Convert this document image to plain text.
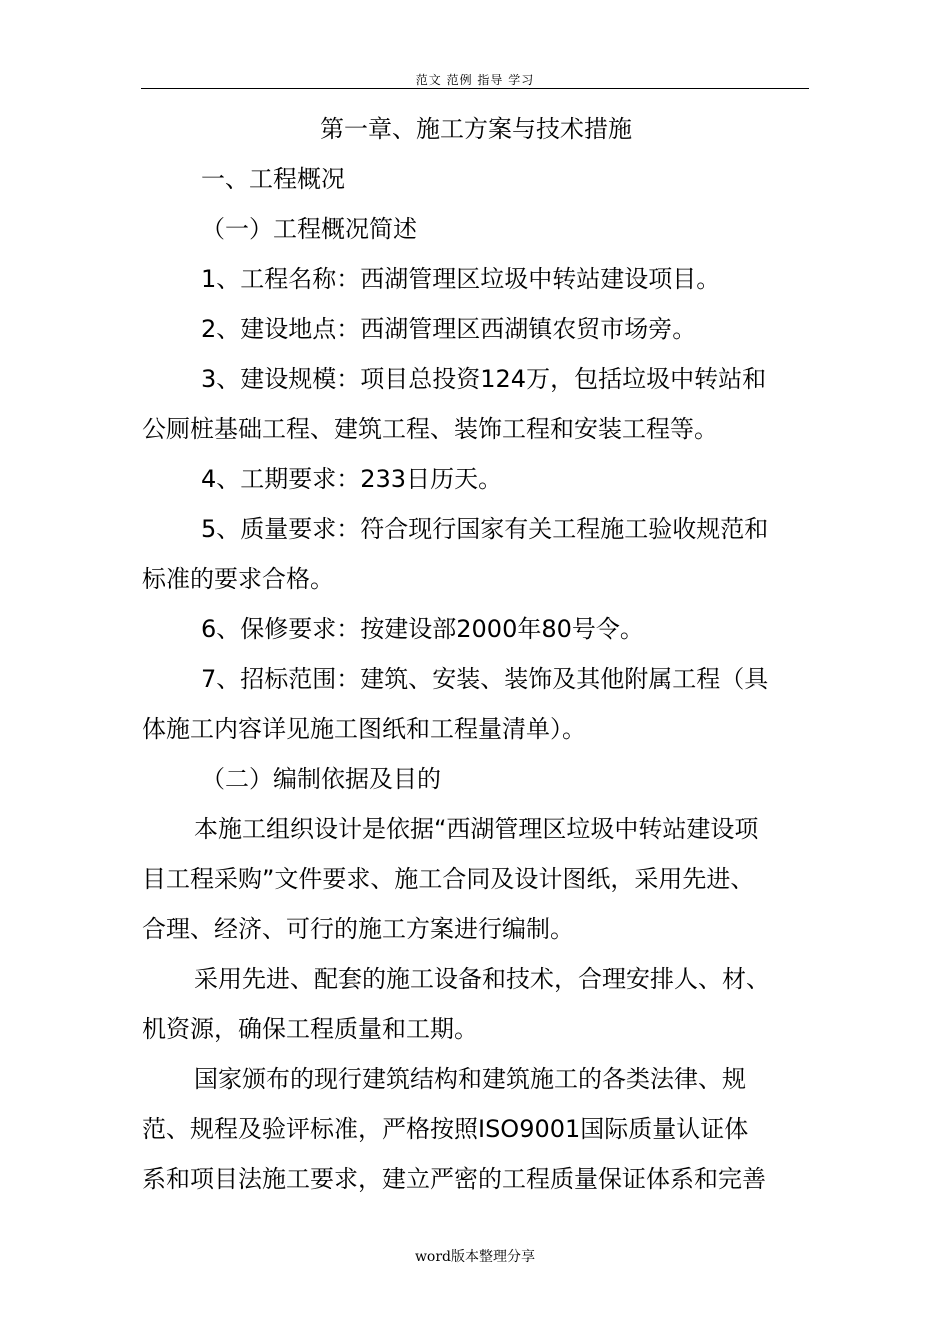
范文 范例 指导 学习
第一章、施工方案与技术措施
一、工程概况
（一）工程概况简述
1、工程名称：西湖管理区垃圾中转站建设项目。
2、建设地点：西湖管理区西湖镇农贸市场旁。
3、建设规模：项目总投资124万，包括垃圾中转站和
公厕桩基础工程、建筑工程、装饰工程和安装工程等。
4、工期要求：233日历天。
5、质量要求：符合现行国家有关工程施工验收规范和
标准的要求合格。
6、保修要求：按建设部2000年80号令。
7、招标范围：建筑、安装、装饰及其他附属工程（具
体施工内容详见施工图纸和工程量清单）。
（二）编制依据及目的
本施工组织设计是依据“西湖管理区垃圾中转站建设项
目工程采购”文件要求、施工合同及设计图纸，采用先进、
合理、经济、可行的施工方案进行编制。
采用先进、配套的施工设备和技术，合理安排人、材、
机资源，确保工程质量和工期。
国家颁布的现行建筑结构和建筑施工的各类法律、规
范、规程及验评标准，严格按照ISO9001国际质量认证体
系和项目法施工要求，建立严密的工程质量保证体系和完善
word版本整理分享
